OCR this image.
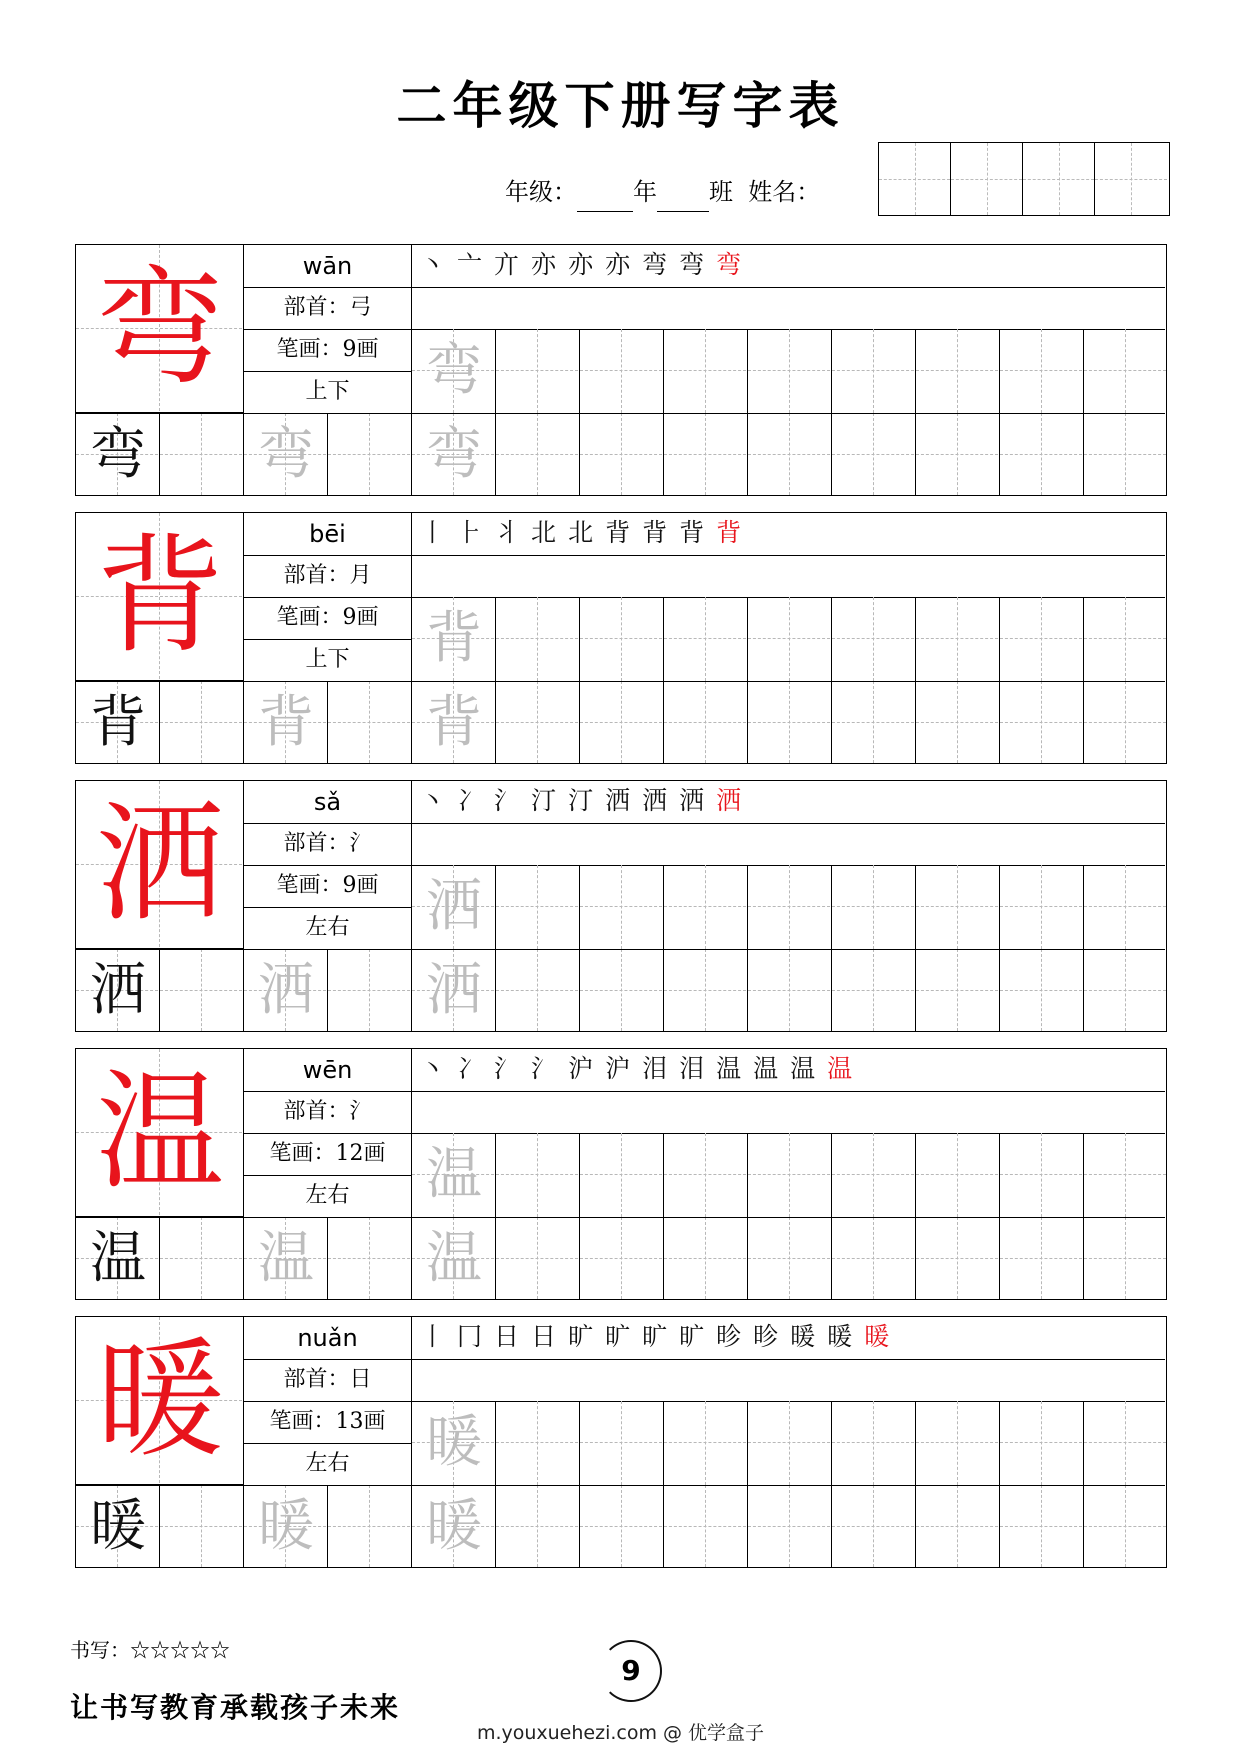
二年级下册写字表
年级： 年 班 姓名：
弯	wān
部首：弓
笔画：9画
上下
丶 亠 亣 亦 亦 亦 弯 弯 弯
弯
弯 弯 弯
背	bēi
部首：月
笔画：9画
上下
丨 ⺊ 丬 北 北 背 背 背 背
背
背 背 背
洒	sǎ
部首：氵
笔画：9画
左右
丶 冫 氵 汀 汀 洒 洒 洒 洒
洒
洒 洒 洒
温	wēn
部首：氵
笔画：12画
左右
丶 冫 氵 氵 沪 沪 泪 泪 温 温 温 温
温
温 温 温
暖	nuǎn
部首：日
笔画：13画
左右
丨 冂 日 日 旷 旷 旷 旷 昣 昣 暖 暖 暖
暖
暖 暖 暖
书写：☆☆☆☆☆
让书写教育承载孩子未来
9
m.youxuehezi.com @ 优学盒子
